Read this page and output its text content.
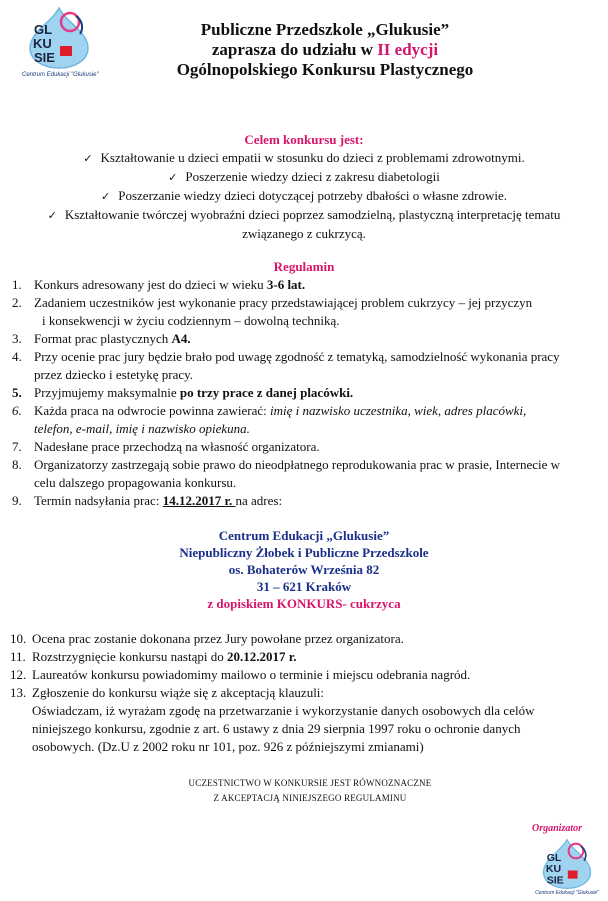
GL
KU
SIE
Centrum Edukacji "Glukusie"
Publiczne Przedszkole „Glukusie”
zaprasza do udziału w II edycji
Ogólnopolskiego Konkursu Plastycznego
Celem konkursu jest:
✓ Kształtowanie u dzieci empatii w stosunku do dzieci z problemami zdrowotnymi.
✓ Poszerzenie wiedzy dzieci z zakresu diabetologii
✓ Poszerzanie wiedzy dzieci dotyczącej potrzeby dbałości o własne zdrowie.
✓ Kształtowanie twórczej wyobraźni dzieci poprzez samodzielną, plastyczną interpretację tematu
związanego z cukrzycą.
Regulamin
1. Konkurs adresowany jest do dzieci w wieku 3-6 lat.
2. Zadaniem uczestników jest wykonanie pracy przedstawiającej problem cukrzycy – jej przyczyn
i konsekwencji w życiu codziennym – dowolną techniką.
3. Format prac plastycznych A4.
4. Przy ocenie prac jury będzie brało pod uwagę zgodność z tematyką, samodzielność wykonania pracy
przez dziecko i estetykę pracy.
5. Przyjmujemy maksymalnie po trzy prace z danej placówki.
6. Każda praca na odwrocie powinna zawierać: imię i nazwisko uczestnika, wiek, adres placówki,
telefon, e-mail, imię i nazwisko opiekuna.
7. Nadesłane prace przechodzą na własność organizatora.
8. Organizatorzy zastrzegają sobie prawo do nieodpłatnego reprodukowania prac w prasie, Internecie w
celu dalszego propagowania konkursu.
9. Termin nadsyłania prac: 14.12.2017 r. na adres:
Centrum Edukacji „Glukusie”
Niepubliczny Żłobek i Publiczne Przedszkole
os. Bohaterów Września 82
31 – 621 Kraków
z dopiskiem KONKURS- cukrzyca
10. Ocena prac zostanie dokonana przez Jury powołane przez organizatora.
11. Rozstrzygnięcie konkursu nastąpi do 20.12.2017 r.
12. Laureatów konkursu powiadomimy mailowo o terminie i miejscu odebrania nagród.
13. Zgłoszenie do konkursu wiąże się z akceptacją klauzuli:
Oświadczam, iż wyrażam zgodę na przetwarzanie i wykorzystanie danych osobowych dla celów
niniejszego konkursu, zgodnie z art. 6 ustawy z dnia 29 sierpnia 1997 roku o ochronie danych
osobowych. (Dz.U z 2002 roku nr 101, poz. 926 z późniejszymi zmianami)
UCZESTNICTWO W KONKURSIE JEST RÓWNOZNACZNE
Z AKCEPTACJĄ NINIEJSZEGO REGULAMINU
Organizator
GL
KU
SIE
Centrum Edukacji "Glukusie"
